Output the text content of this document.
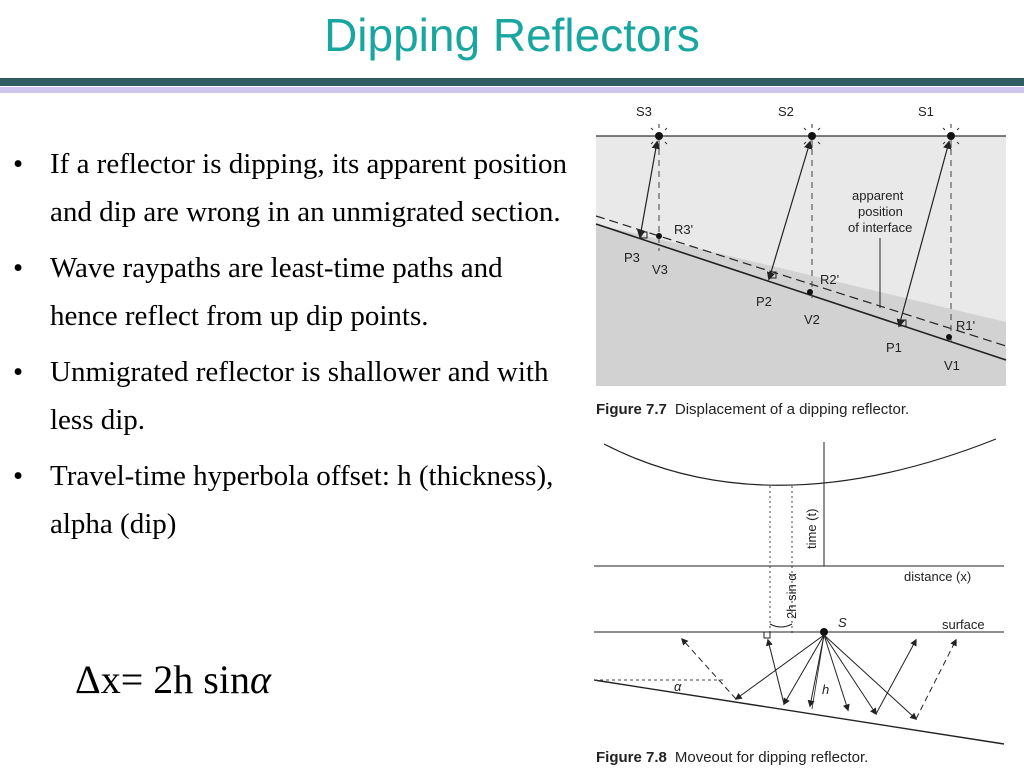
Dipping Reflectors
• If a reflector is dipping, its apparent position and dip are wrong in an unmigrated section.
• Wave raypaths are least-time paths and hence reflect from up dip points.
• Unmigrated reflector is shallower and with less dip.
• Travel-time hyperbola offset: h (thickness), alpha (dip)
Δx= 2h sinα
S3	S2	S1
R3'
R2'
R1'
P3
P2
P1
V3
V2
V1
apparent
position
of interface
Figure 7.7 Displacement of a dipping reflector.
time (t)
distance (x)
2h sin α
surface
α
S
h
Figure 7.8 Moveout for dipping reflector.
